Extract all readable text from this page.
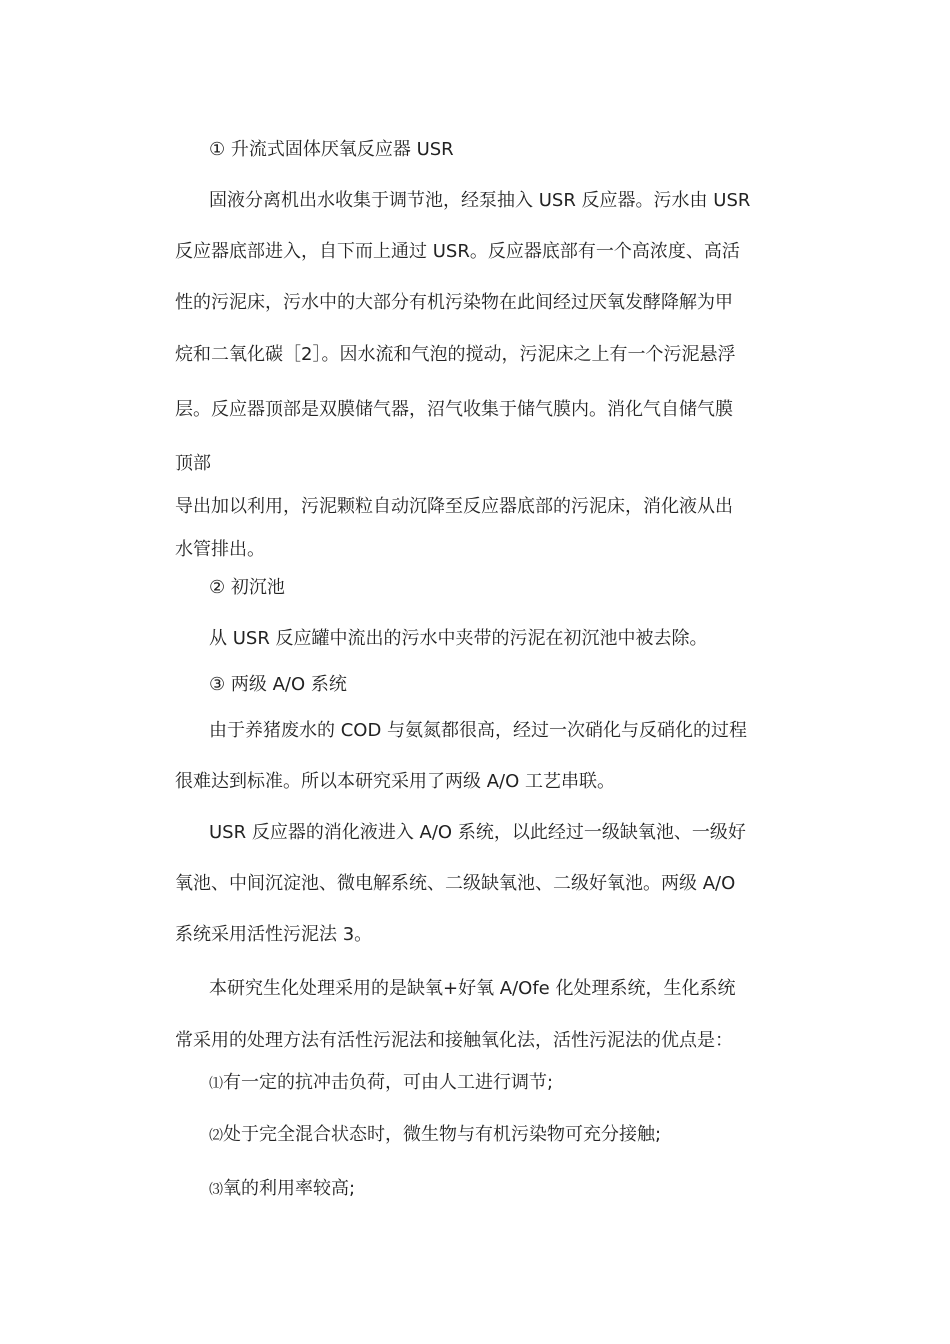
① 升流式固体厌氧反应器 USR
固液分离机出水收集于调节池，经泵抽入 USR 反应器。污水由 USR
反应器底部进入，自下而上通过 USR。反应器底部有一个高浓度、高活
性的污泥床，污水中的大部分有机污染物在此间经过厌氧发酵降解为甲
烷和二氧化碳［2］。因水流和气泡的搅动，污泥床之上有一个污泥悬浮
层。反应器顶部是双膜储气器，沼气收集于储气膜内。消化气自储气膜
顶部
导出加以利用，污泥颗粒自动沉降至反应器底部的污泥床，消化液从出
水管排出。
② 初沉池
从 USR 反应罐中流出的污水中夹带的污泥在初沉池中被去除。
③ 两级 A/O 系统
由于养猪废水的 COD 与氨氮都很高，经过一次硝化与反硝化的过程
很难达到标准。所以本研究采用了两级 A/O 工艺串联。
USR 反应器的消化液进入 A/O 系统，以此经过一级缺氧池、一级好
氧池、中间沉淀池、微电解系统、二级缺氧池、二级好氧池。两级 A/O
系统采用活性污泥法 3。
本研究生化处理采用的是缺氧+好氧 A/Ofe 化处理系统，生化系统
常采用的处理方法有活性污泥法和接触氧化法，活性污泥法的优点是：
⑴有一定的抗冲击负荷，可由人工进行调节;
⑵处于完全混合状态时，微生物与有机污染物可充分接触;
⑶氧的利用率较高;
